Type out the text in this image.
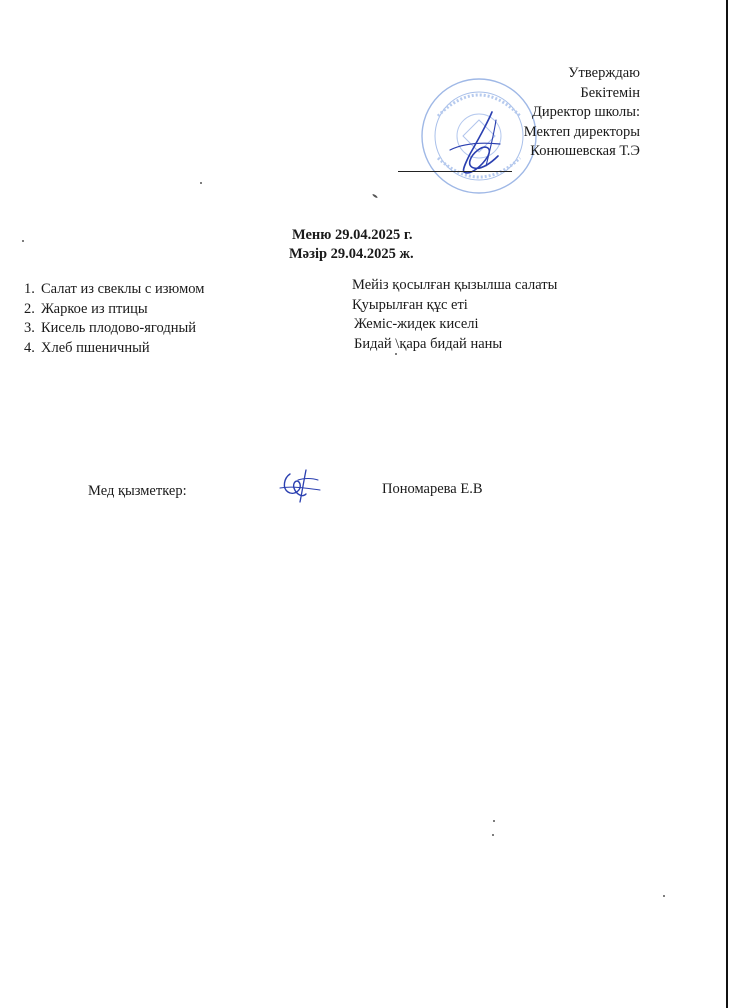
Утверждаю
Бекітемін
Директор школы:
Мектеп директоры
Конюшевская Т.Э
Меню 29.04.2025 г.
Мәзір 29.04.2025 ж.
1. Салат из свеклы с изюмом
2. Жаркое из птицы
3. Кисель плодово-ягодный
4. Хлеб пшеничный
Мейіз қосылған қызылша салаты
Қуырылған құс еті
Жеміс-жидек киселі
Бидай \қара бидай наны
Мед қызметкер:	Пономарева Е.В
